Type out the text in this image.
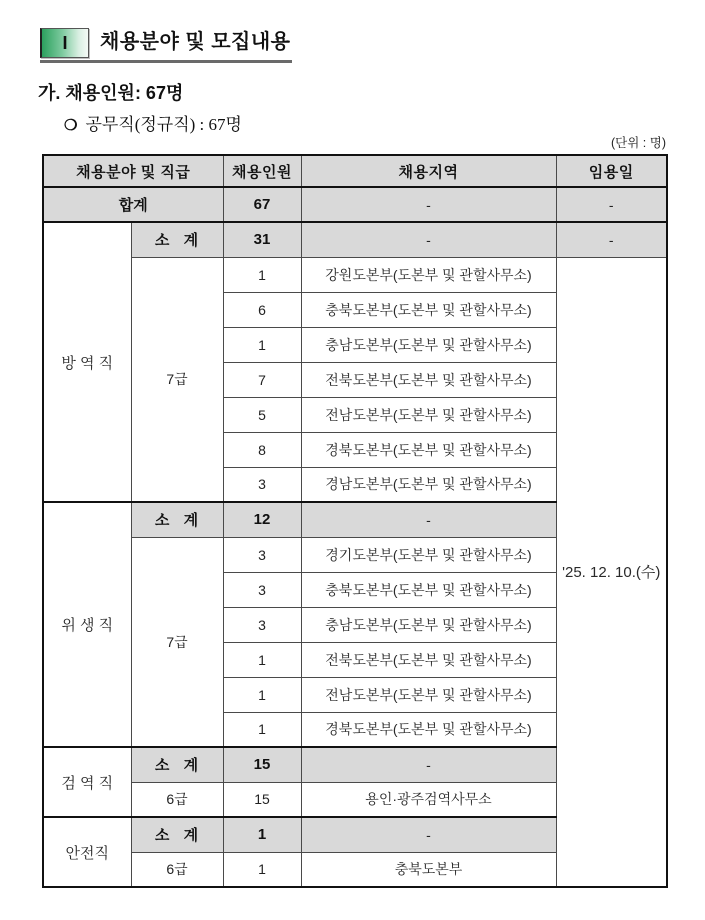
I 채용분야 및 모집내용
가. 채용인원: 67명
❍ 공무직(정규직) : 67명
(단위 : 명)
채용분야 및 직급		채용인원	채용지역	임용일
합계		67	-	-
방 역 직	소 계	31	-	-
	7급	1	강원도본부(도본부 및 관할사무소)	'25. 12. 10.(수)
		6	충북도본부(도본부 및 관할사무소)	
		1	충남도본부(도본부 및 관할사무소)	
		7	전북도본부(도본부 및 관할사무소)	
		5	전남도본부(도본부 및 관할사무소)	
		8	경북도본부(도본부 및 관할사무소)	
		3	경남도본부(도본부 및 관할사무소)	
위 생 직	소 계	12	-	
	7급	3	경기도본부(도본부 및 관할사무소)	
		3	충북도본부(도본부 및 관할사무소)	
		3	충남도본부(도본부 및 관할사무소)	
		1	전북도본부(도본부 및 관할사무소)	
		1	전남도본부(도본부 및 관할사무소)	
		1	경북도본부(도본부 및 관할사무소)	
검 역 직	소 계	15	-	
	6급	15	용인·광주검역사무소	
안전직	소 계	1	-	
	6급	1	충북도본부	
